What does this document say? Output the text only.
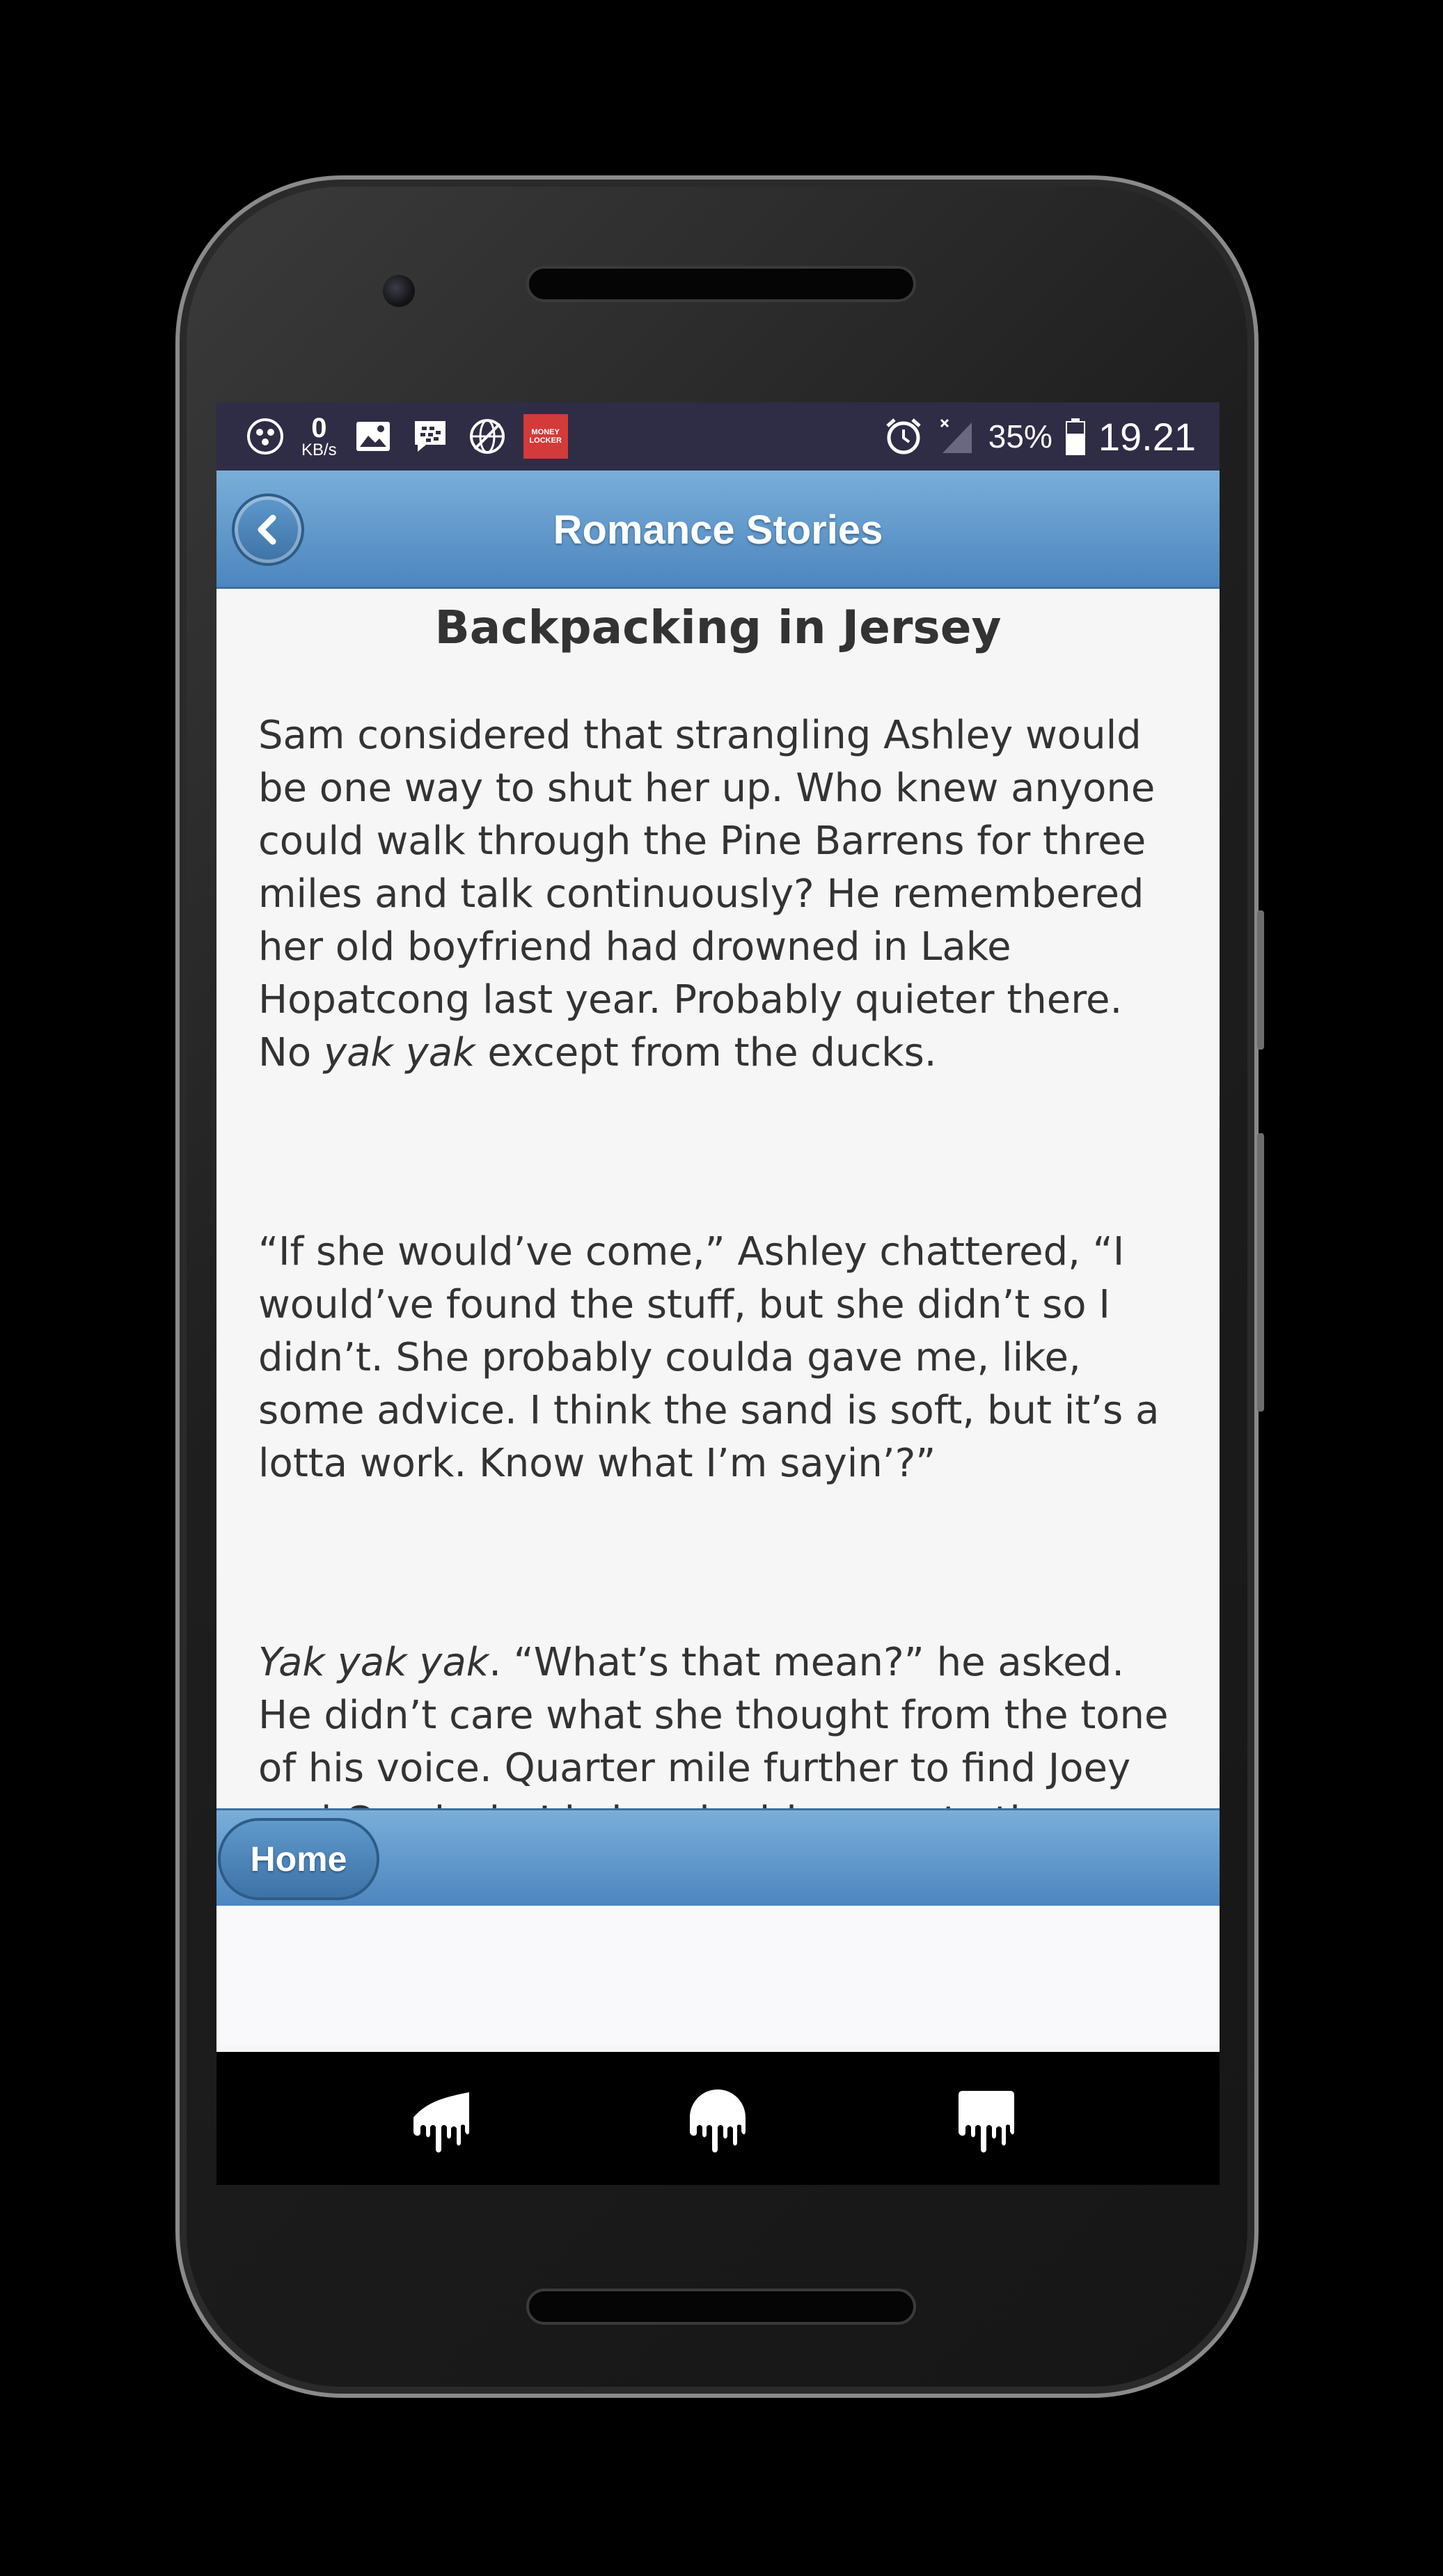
0
KB/s
MONEY LOCKER	35% 19.21
Romance Stories
Backpacking in Jersey

Sam considered that strangling Ashley would be one way to shut her up. Who knew anyone could walk through the Pine Barrens for three miles and talk continuously? He remembered her old boyfriend had drowned in Lake Hopatcong last year. Probably quieter there. No yak yak except from the ducks.

“If she would’ve come,” Ashley chattered, “I would’ve found the stuff, but she didn’t so I didn’t. She probably coulda gave me, like, some advice. I think the sand is soft, but it’s a lotta work. Know what I’m sayin’?”

Yak yak yak. “What’s that mean?” he asked. He didn’t care what she thought from the tone of his voice. Quarter mile further to find Joey

Home
